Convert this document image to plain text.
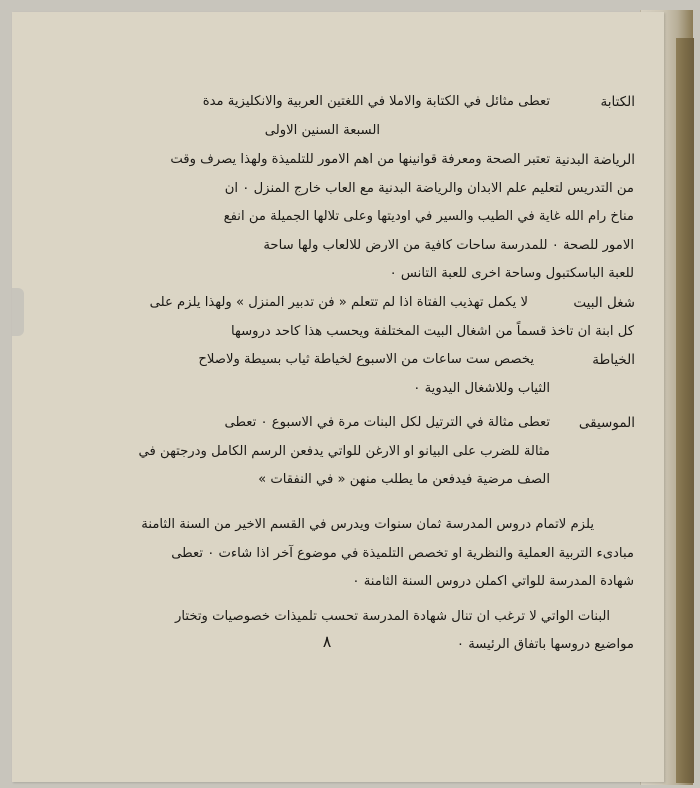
٨
الكتابة
تعطى مثائل في الكتابة والاملا في اللغتين العربية والانكليزية مدة
السبعة السنين الاولى
الرياضة البدنية
تعتبر الصحة ومعرفة قوانينها من اهم الامور للتلميذة ولهذا يصرف وقت
من التدريس لتعليم علم الابدان والرياضة البدنية مع العاب خارج المنزل ۰ ان
مناخ رام الله غاية في الطيب والسير في اوديتها وعلى تلالها الجميلة من انفع
الامور للصحة ۰ للمدرسة ساحات كافية من الارض للالعاب ولها ساحة
للعبة الباسكتبول وساحة اخرى للعبة التانس ۰
شغل البيت
لا يكمل تهذيب الفتاة اذا لم تتعلم « فن تدبير المنزل » ولهذا يلزم على
كل ابنة ان تاخذ قسماً من اشغال البيت المختلفة ويحسب هذا كاحد دروسها
الخياطة
يخصص ست ساعات من الاسبوع لخياطة ثياب بسيطة ولاصلاح
الثياب وللاشغال اليدوية ۰
الموسيقى
تعطى مثالة في الترتيل لكل البنات مرة في الاسبوع ۰ تعطى
مثالة للضرب على البيانو او الارغن للواتي يدفعن الرسم الكامل ودرجتهن في
الصف مرضية فيدفعن ما يطلب منهن « في النفقات »
يلزم لاتمام دروس المدرسة ثمان سنوات ويدرس في القسم الاخير من السنة الثامنة
مبادىء التربية العملية والنظرية او تخصص التلميذة في موضوع آخر اذا شاءت ۰ تعطى
شهادة المدرسة للواتي اكملن دروس السنة الثامنة ۰
البنات الواتي لا ترغب ان تنال شهادة المدرسة تحسب تلميذات خصوصيات وتختار
مواضيع دروسها باتفاق الرئيسة ۰
